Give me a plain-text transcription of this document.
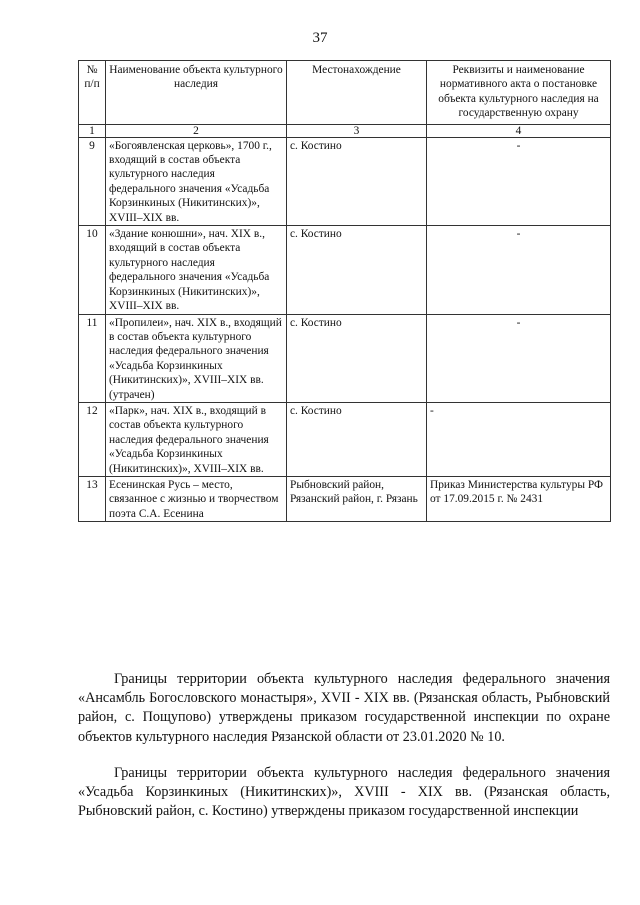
37
№ п/п	Наименование объекта культурного наследия	Местонахождение	Реквизиты и наименование нормативного акта о постановке объекта культурного наследия на государственную охрану
1	2	3	4
9	«Богоявленская церковь», 1700 г., входящий в состав объекта культурного наследия федерального значения «Усадьба Корзинкиных (Никитинских)», XVIII–XIX вв.	с. Костино	-
10	«Здание конюшни», нач. XIX в., входящий в состав объекта культурного наследия федерального значения «Усадьба Корзинкиных (Никитинских)», XVIII–XIX вв.	с. Костино	-
11	«Пропилеи», нач. XIX в., входящий в состав объекта культурного наследия федерального значения «Усадьба Корзинкиных (Никитинских)», XVIII–XIX вв. (утрачен)	с. Костино	-
12	«Парк», нач. XIX в., входящий в состав объекта культурного наследия федерального значения «Усадьба Корзинкиных (Никитинских)», XVIII–XIX вв.	с. Костино	-
13	Есенинская Русь – место, связанное с жизнью и творчеством поэта С.А. Есенина	Рыбновский район, Рязанский район, г. Рязань	Приказ Министерства культуры РФ от 17.09.2015 г. № 2431
Границы территории объекта культурного наследия федерального значения «Ансамбль Богословского монастыря», XVII - XIX вв. (Рязанская область, Рыбновский район, с. Пощупово) утверждены приказом государственной инспекции по охране объектов культурного наследия Рязанской области от 23.01.2020 № 10.
Границы территории объекта культурного наследия федерального значения «Усадьба Корзинкиных (Никитинских)», XVIII - XIX вв. (Рязанская область, Рыбновский район, с. Костино) утверждены приказом государственной инспекции
